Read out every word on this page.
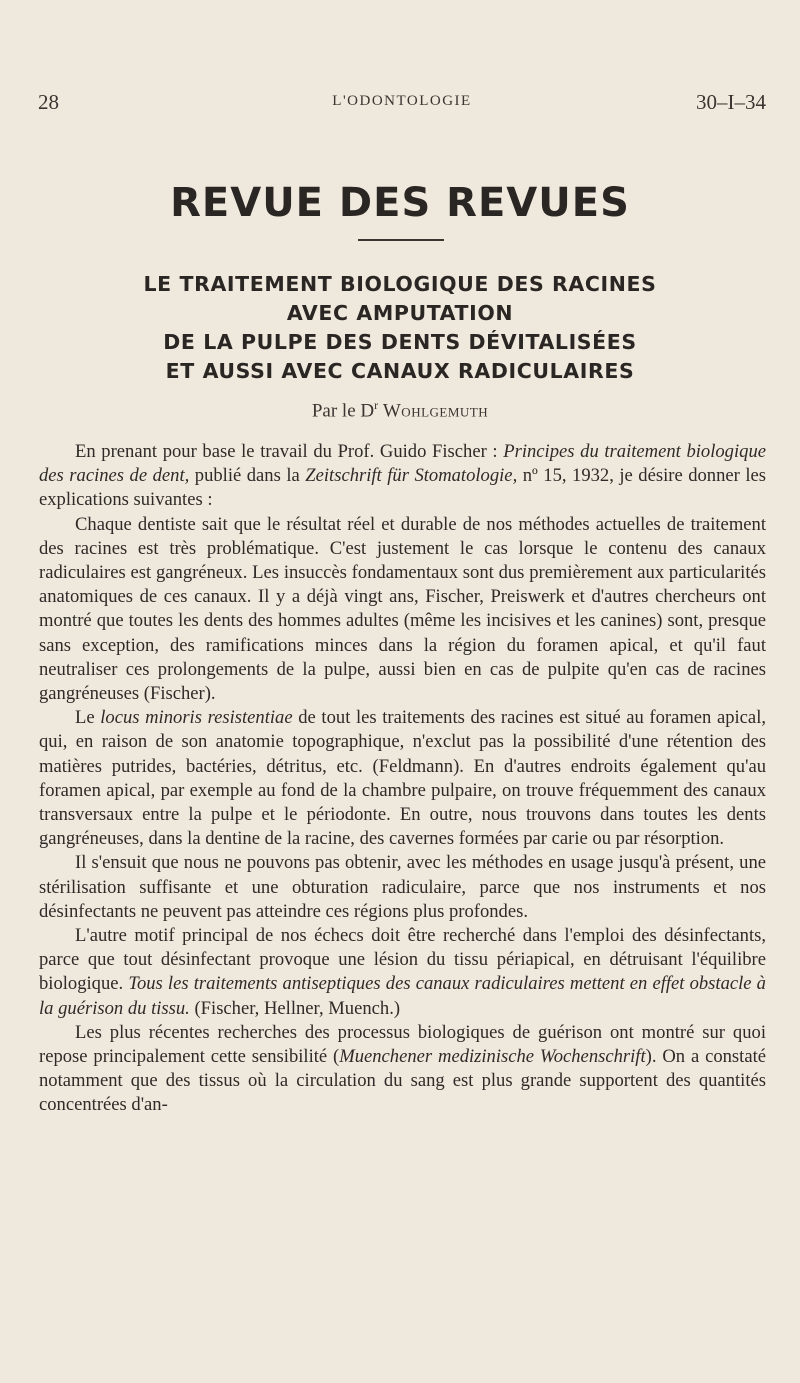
28	L'ODONTOLOGIE	30–I–34
REVUE DES REVUES
LE TRAITEMENT BIOLOGIQUE DES RACINES
AVEC AMPUTATION
DE LA PULPE DES DENTS DÉVITALISÉES
ET AUSSI AVEC CANAUX RADICULAIRES
Par le $D^r$ Wohlgemuth

En prenant pour base le travail du Prof. Guido Fischer : Principes du traitement biologique des racines de dent, publié dans la Zeitschrift für Stomatologie, nº 15, 1932, je désire donner les explications suivantes :

Chaque dentiste sait que le résultat réel et durable de nos méthodes actuelles de traitement des racines est très problématique. C'est justement le cas lorsque le contenu des canaux radiculaires est gangréneux. Les insuccès fondamentaux sont dus premièrement aux particularités anatomiques de ces canaux. Il y a déjà vingt ans, Fischer, Preiswerk et d'autres chercheurs ont montré que toutes les dents des hommes adultes (même les incisives et les canines) sont, presque sans exception, des ramifications minces dans la région du foramen apical, et qu'il faut neutraliser ces prolongements de la pulpe, aussi bien en cas de pulpite qu'en cas de racines gangréneuses (Fischer).

Le locus minoris resistentiae de tout les traitements des racines est situé au foramen apical, qui, en raison de son anatomie topographique, n'exclut pas la possibilité d'une rétention des matières putrides, bactéries, détritus, etc. (Feldmann). En d'autres endroits également qu'au foramen apical, par exemple au fond de la chambre pulpaire, on trouve fréquemment des canaux transversaux entre la pulpe et le périodonte. En outre, nous trouvons dans toutes les dents gangréneuses, dans la dentine de la racine, des cavernes formées par carie ou par résorption.

Il s'ensuit que nous ne pouvons pas obtenir, avec les méthodes en usage jusqu'à présent, une stérilisation suffisante et une obturation radiculaire, parce que nos instruments et nos désinfectants ne peuvent pas atteindre ces régions plus profondes.

L'autre motif principal de nos échecs doit être recherché dans l'emploi des désinfectants, parce que tout désinfectant provoque une lésion du tissu périapical, en détruisant l'équilibre biologique. Tous les traitements antiseptiques des canaux radiculaires mettent en effet obstacle à la guérison du tissu. (Fischer, Hellner, Muench.)

Les plus récentes recherches des processus biologiques de guérison ont montré sur quoi repose principalement cette sensibilité (Muenchener medizinische Wochenschrift). On a constaté notamment que des tissus où la circulation du sang est plus grande supportent des quantités concentrées d'an-
